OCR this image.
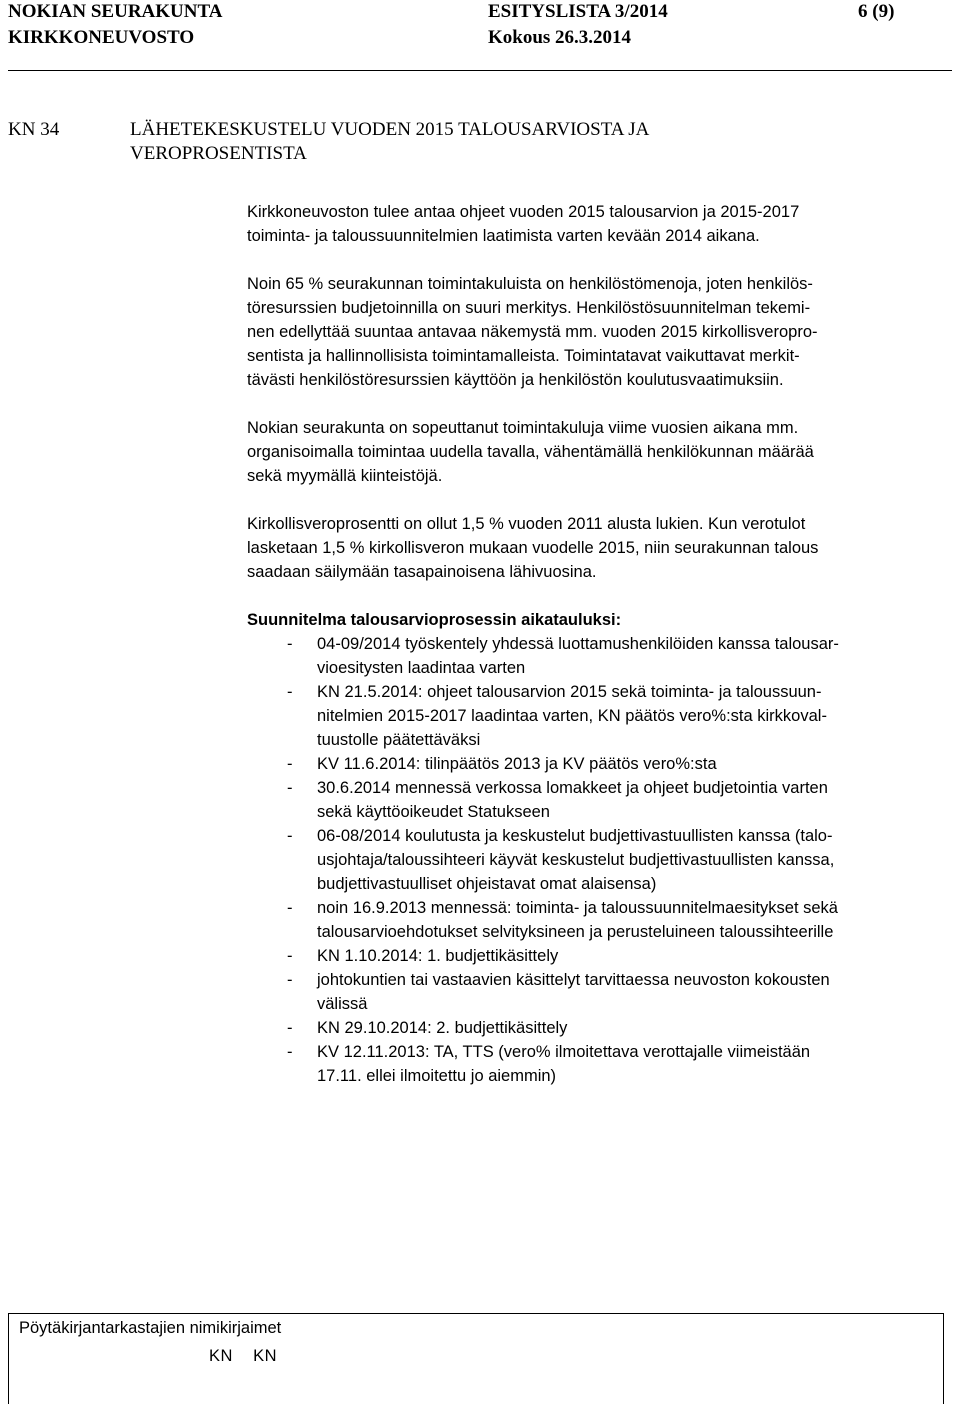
NOKIAN SEURAKUNTA
KIRKKONEUVOSTO
ESITYSLISTA 3/2014
Kokous 26.3.2014
6 (9)
KN 34	LÄHETEKESKUSTELU VUODEN 2015 TALOUSARVIOSTA JA
VEROPROSENTISTA

Kirkkoneuvoston tulee antaa ohjeet vuoden 2015 talousarvion ja 2015-2017
toiminta- ja taloussuunnitelmien laatimista varten kevään 2014 aikana.

Noin 65 % seurakunnan toimintakuluista on henkilöstömenoja, joten henkilös-
töresurssien budjetoinnilla on suuri merkitys. Henkilöstösuunnitelman tekemi-
nen edellyttää suuntaa antavaa näkemystä mm. vuoden 2015 kirkollisveropro-
sentista ja hallinnollisista toimintamalleista. Toimintatavat vaikuttavat merkit-
tävästi henkilöstöresurssien käyttöön ja henkilöstön koulutusvaatimuksiin.

Nokian seurakunta on sopeuttanut toimintakuluja viime vuosien aikana mm.
organisoimalla toimintaa uudella tavalla, vähentämällä henkilökunnan määrää
sekä myymällä kiinteistöjä.

Kirkollisveroprosentti on ollut 1,5 % vuoden 2011 alusta lukien. Kun verotulot
lasketaan 1,5 % kirkollisveron mukaan vuodelle 2015, niin seurakunnan talous
saadaan säilymään tasapainoisena lähivuosina.

Suunnitelma talousarvioprosessin aikatauluksi:

- 04-09/2014 työskentely yhdessä luottamushenkilöiden kanssa talousar-
vioesitysten laadintaa varten
- KN 21.5.2014: ohjeet talousarvion 2015 sekä toiminta- ja taloussuun-
nitelmien 2015-2017 laadintaa varten, KN päätös vero%:sta kirkkoval-
tuustolle päätettäväksi
- KV 11.6.2014: tilinpäätös 2013 ja KV päätös vero%:sta
- 30.6.2014 mennessä verkossa lomakkeet ja ohjeet budjetointia varten
sekä käyttöoikeudet Statukseen
- 06-08/2014 koulutusta ja keskustelut budjettivastuullisten kanssa (talo-
usjohtaja/taloussihteeri käyvät keskustelut budjettivastuullisten kanssa,
budjettivastuulliset ohjeistavat omat alaisensa)
- noin 16.9.2013 mennessä: toiminta- ja taloussuunnitelmaesitykset sekä
talousarvioehdotukset selvityksineen ja perusteluineen taloussihteerille
- KN 1.10.2014: 1. budjettikäsittely
- johtokuntien tai vastaavien käsittelyt tarvittaessa neuvoston kokousten
välissä
- KN 29.10.2014: 2. budjettikäsittely
- KV 12.11.2013: TA, TTS (vero% ilmoitettava verottajalle viimeistään
17.11. ellei ilmoitettu jo aiemmin)
Pöytäkirjantarkastajien nimikirjaimet
KN KN
